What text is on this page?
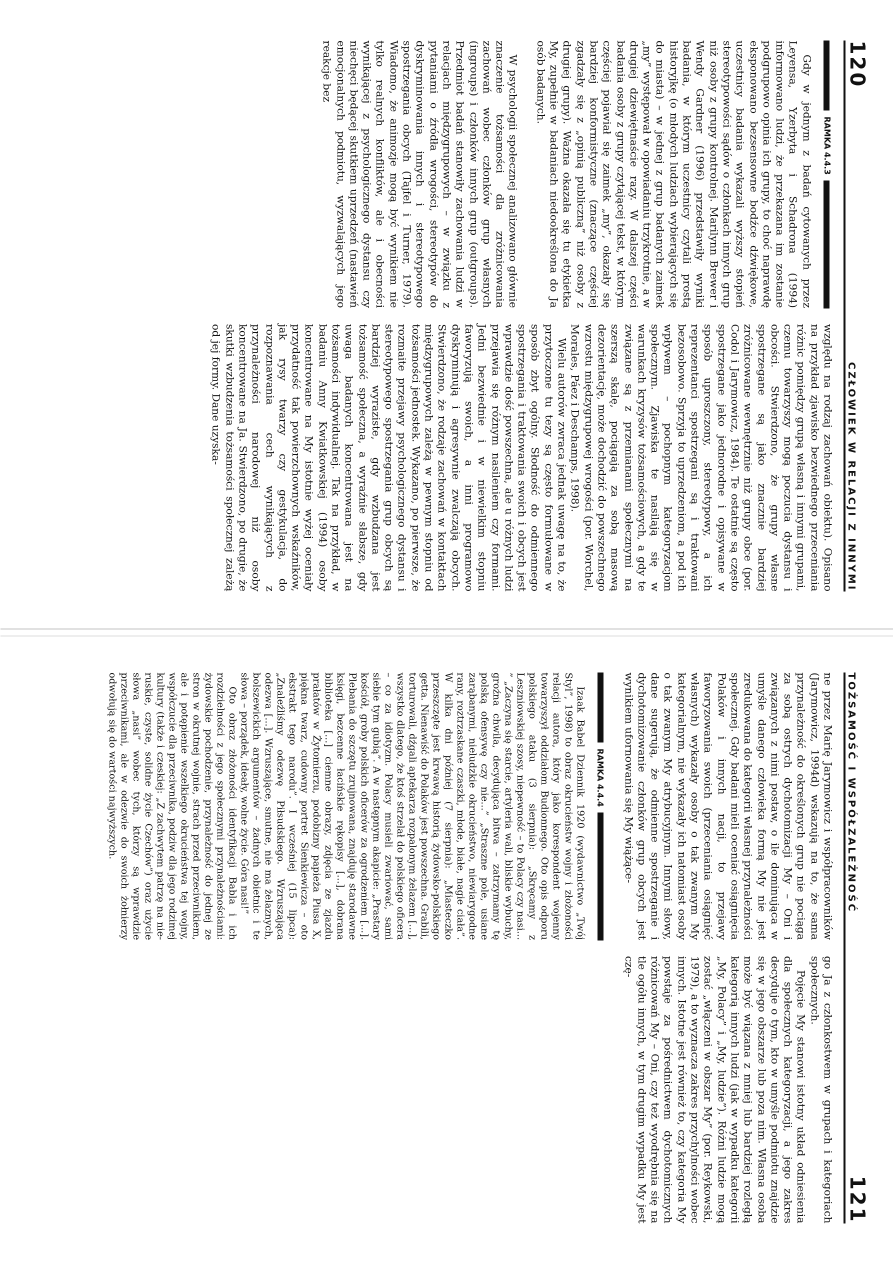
120
CZŁOWIEK W RELACJI Z INNYMI
RAMKA 4.4.3

Gdy w jednym z badań cytowanych przez Leyensa, Yzerbyta i Schadrona (1994) informowano ludzi, że przekazana im zostanie podgrupowo opinia ich grupy, to choć naprawdę eksponowano bezsensowne bodźce dźwiękowe, uczestnicy badania wykazali wyższy stopień stereotypowości sądów o członkach innych grup niż osoby z grupy kontrolnej. Marilynn Brewer i Wendy Gardner (1996) przedstawiły wyniki badania, w którym uczestnicy czytali prostą historyjkę (o młodych ludziach wybierających się do miasta) – w jednej z grup badanych zaimek „my” występował w opowiadaniu trzykrotnie, a w drugiej dziewiętnaście razy. W dalszej części badania osoby z grupy czytającej tekst, w którym częściej pojawiał się zaimek „my”, okazały się bardziej konformistyczne (znaczące częściej zgadzały się z „opinią publiczną” niż osoby z drugiej grupy). Ważna okazała się tu etykietka My, zupełnie w badaniach niedookreślona do Ja osób badanych.

W psychologii społecznej analizowano głównie znaczenie tożsamości dla zróżnicowania zachowań wobec członków grup własnych (ingroups) i członków innych grup (outgroups). Przedmiot badań stanowiły zachowania ludzi w relacjach międzygrupowych – w związku z pytaniami o źródła wrogości, stereotypów do dyskryminowania innych i stereotypowego spostrzegania obcych (Tajfel i Turner, 1979). Wiadomo, że animozje mogą być wynikiem nie tylko realnych konfliktów, ale i obecności wynikającej z psychologicznego dystansu czy niechęci będącej skutkiem uprzedzeń (nastawień emocjonalnych podmiotu, wyzwalających jego reakcje bez

względu na rodzaj zachowań obiektu). Opisano na przykład zjawisko bezwiednego przeceniania różnic pomiędzy grupą własną i innymi grupami, czemu towarzyszy mogą poczucia dystansu i obcości. Stwierdzono, że grupy własne spostrzegane są jako znacznie bardziej zróżnicowane wewnętrznie niż grupy obce (por. Codol i Jarymowicz, 1984). Te ostatnie są często spostrzegane jako jednorodne i opisywane w sposób uproszczony, stereotypowy, a ich reprezentanci spostrzegani są i traktowani bezosobowo. Sprzyja to uprzedzeniom, a pod ich wpływem – pochopnym kategoryzacjom społecznym. Zjawiska te nasilają się w warunkach kryzysów tożsamościowych, a gdy te związane są z przemianami społecznymi na szerszą skalę, pociągają za sobą masową dezorientację, może dochodzić do powszechnego wzrostu międzygrupowej wrogości (por. Worchel, Morales, Páez i Deschamps, 1998).

Wielu autorów zwraca jednak uwagę na to, że przytoczone tu tezy są często formułowane w sposób zbyt ogólny. Słodność do odmiennego spostrzegania i traktowania swoich i obcych jest wprawdzie dość powszechna, ale u różnych ludzi przejawia się różnym nasileniem czy formami. Jedni bezwiednie i w niewielkim stopniu faworyzują swoich, a inni programowo dyskryminują i agresywnie zwalczają obcych. Stwierdzono, że rodzaje zachowań w kontaktach międzygrupowych zależą w pewnym stopniu od tożsamości jednostek. Wykazano, po pierwsze, że rozmaite przejawy psychologicznego dystansu i stereotypowego spostrzegania grup obcych są bardziej wyraziste, gdy wzbudzana jest tożsamość społeczna, a wyraźnie słabsze, gdy uwaga badanych koncentrowana jest na tożsamości indywidualnej. Tak na przykład, w badaniu Anny Kwiatkowskiej (1994) osoby koncentrowane na My istotnie wyżej oceniały przydatność tak powierzchownych wskaźników, jak rysy twarzy czy gestykulacja, do rozpoznawania cech wynikających z przynależności narodowej niż osoby koncentrowane na Ja. Stwierdzono, po drugie, że skutki wzbudzenia tożsamości społecznej zależą od jej formy. Dane uzyska-

TOŻSAMOŚĆ I WSPÓŁZALEŻNOŚĆ
121

ne przez Marię Jarymowicz i współpracowników (Jarymowicz, 1994d) wskazują na to, że sama przynależność do określonych grup nie pociąga za sobą ostrych dychotomizacji My – Oni i związanych z nimi postaw, o ile dominująca w umyśle danego człowieka formą My nie jest zredukowana do kategorii własnej przynależności społecznej. Gdy badani mieli oceniać osiągnięcia Polaków i innych nacji, to przejawy faworyzowania swoich (przeceniania osiągnięć własnych) wykazały osoby o tak zwanym My kategorialnym, nie wykazały ich natomiast osoby o tak zwanym My atrybucyjnym. Innymi słowy, dane sugerują, że odmienne spostrzeganie i dychotomizowanie członków grup obcych jest wynikiem ufornowania się My wiążące-

RAMKA 4.4.4

Izaak Babel Dziennik 1920 (wydawnictwo „Twój Styl”, 1998) to obraz okrucieństw wojny i złożoności relacji autora, który jako korespondent wojenny towarzyszył oddziałom Budionnego. Oto opis odporu polskiego ataku (3 sierpnia): „Skręcamy z Leszniowskiej szosy, niepewność – to Polacy czy nasi... ” „Zaczyna się starcie, artyleria wali, bliskie wybuchy, groźna chwila, decydująca bitwa – zatrzymamy tę polską ofensywę czy nie...” „Straszne pole, usiane zarąbanymi, nieludzkie okrucieństwo, niewiarygodne rany, roztrzaskane czaszki, młode, białe, nagie ciała”. W kilka dni później (7 sierpnia): „Miasteczko przeszczęte jest krwawą historią żydowsko-polskiego getta. Nienawiść do Polaków jest powszechna. Grabili, torturowali, dźgali aptekarza rozpalonym żelazem [...], wszystko dlatego, że ktoś strzelał do polskiego oficera – co za idiotyzm. Polacy musieli zwariować, sami siebie tym gubią”. A w następnym akapicie: „Prastary kościół, groby polskich oficerów za ogrodzeniem [...]. Plebania do szczętu zrujnowana, znajduję starodawne księgi, bezcenne łacińskie rękopisy [...], dobrana biblioteka [...] ciemne obrazy, zdjęcia ze zjazdu prałatów w Żytomierzu, podobizny papieża Piusa X, piękna twarz, cudowny portret Sienkiewicza – oto ekstrakt tego narodu”. I wcześniej (15 lipca): „Znaleźliśmy odezwę Piłsudskiego. Wzruszająca odezwa [...]. Wzruszające, smutne, nie ma żelaznych, bolszewickich argumentów – żadnych obietnic i te słowa – porządek, ideały, wolne życie. Góra nasi!”

Oto obraz złożoności identyfikacji Babla i ich rozdzielności z jego społecznymi przynależnościami: żydowskie pochodzenie, przynależność do jednej ze stron w okrutnej wojnie, strach przed przeciwnikiem, ale i potępienie wszelkiego okrucieństwa tej wojny, współczucie dla przeciwnika, podziw dla jego rodzimej kultury (także i czeskiej: „Z zachwytem patrzę na nie-ruskie, czyste, solidne życie Czechów”) oraz użycie słowa „nasi” wobec tych, którzy są wprawdzie przeciwnikami, ale w odezwie do swoich żołnierzy odwołują się do wartości najwyższych.

go Ja z członkostwem w grupach i kategoriach społecznych.

Pojęcie My stanowi istotny układ odniesienia dla społecznych kategoryzacji, a jego zakres decyduje o tym, kto w umyśle podmiotu znajdzie się w jego obszarze lub poza nim. Własna osoba może być wiązana z mniej lub bardziej rozległą kategorią innych ludzi (jak w wypadku kategorii „My, Polacy” i „My, ludzie”). Różni ludzie mogą zostać „włączeni w obszar My” (por. Reykowski, 1979), a to wyznacza zakres przychylności wobec innych. Istotne jest również to, czy kategoria My powstaje za pośrednictwem dychotomicznych różnicowań My – Oni, czy też wyodrębnia się na tle ogółu innych, w tym drugim wypadku My jest czę-
